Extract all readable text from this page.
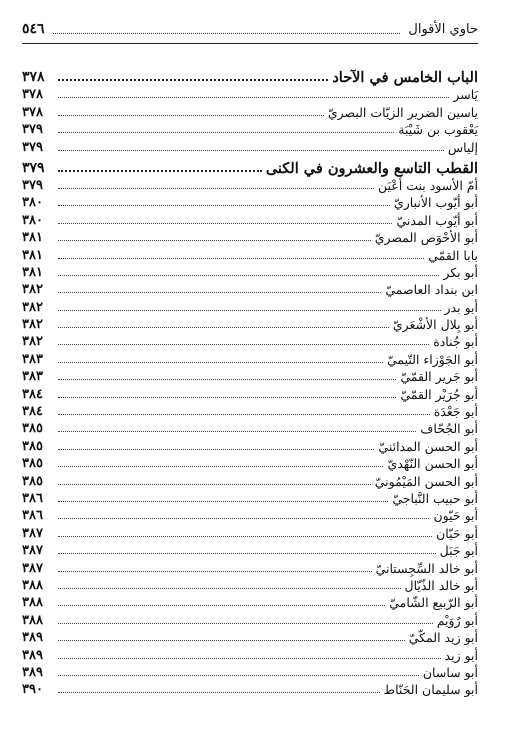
حاوي الأقوال
٥٤٦
الباب الخامس في الآحاد
٣٧٨
يَاسر
٣٧٨
ياسين الضرير الزيّات البصريّ
٣٧٨
يَعْقوب بن شَيْبَة
٣٧٩
إلياس
٣٧٩
القطب التاسع والعشرون في الكنى
٣٧٩
أمّ الأسود بنت أعْيَن
٣٧٩
أبو أيّوب الأنباريّ
٣٨٠
أبو أيّوب المدنيّ
٣٨٠
أبو الأحْوَص المصريّ
٣٨١
بابا القمّي
٣٨١
أبو بكر
٣٨١
ابن بنداد العاصميّ
٣٨٢
أبو بدر
٣٨٢
أبو بِلال الأشْعَريّ
٣٨٢
أبو جُنادة
٣٨٢
أبو الجَوْزاء التّيميّ
٣٨٣
أبو جَرير القمّيّ
٣٨٣
أبو جُرَيْر القمّيّ
٣٨٤
أبو جَعْدَة
٣٨٤
أبو الجُحّاف
٣٨٥
أبو الحسن المدائنيّ
٣٨٥
أبو الحسن النّهْديّ
٣٨٥
أبو الحسن المَيْمُونيّ
٣٨٥
أبو حبيب النَّباجيّ
٣٨٦
أبو حَيّون
٣٨٦
أبو حَيّان
٣٨٧
أبو جَبَل
٣٨٧
أبو خالد السِّجِستانيّ
٣٨٧
أبو خالد الذّيّال
٣٨٨
أبو الرّبيع الشّاميّ
٣٨٨
أبو رُوَيْم
٣٨٨
أبو زيد المكّيّ
٣٨٩
أبو زيد
٣٨٩
أبو ساسان
٣٨٩
أبو سليمان الحَنّاط
٣٩٠
